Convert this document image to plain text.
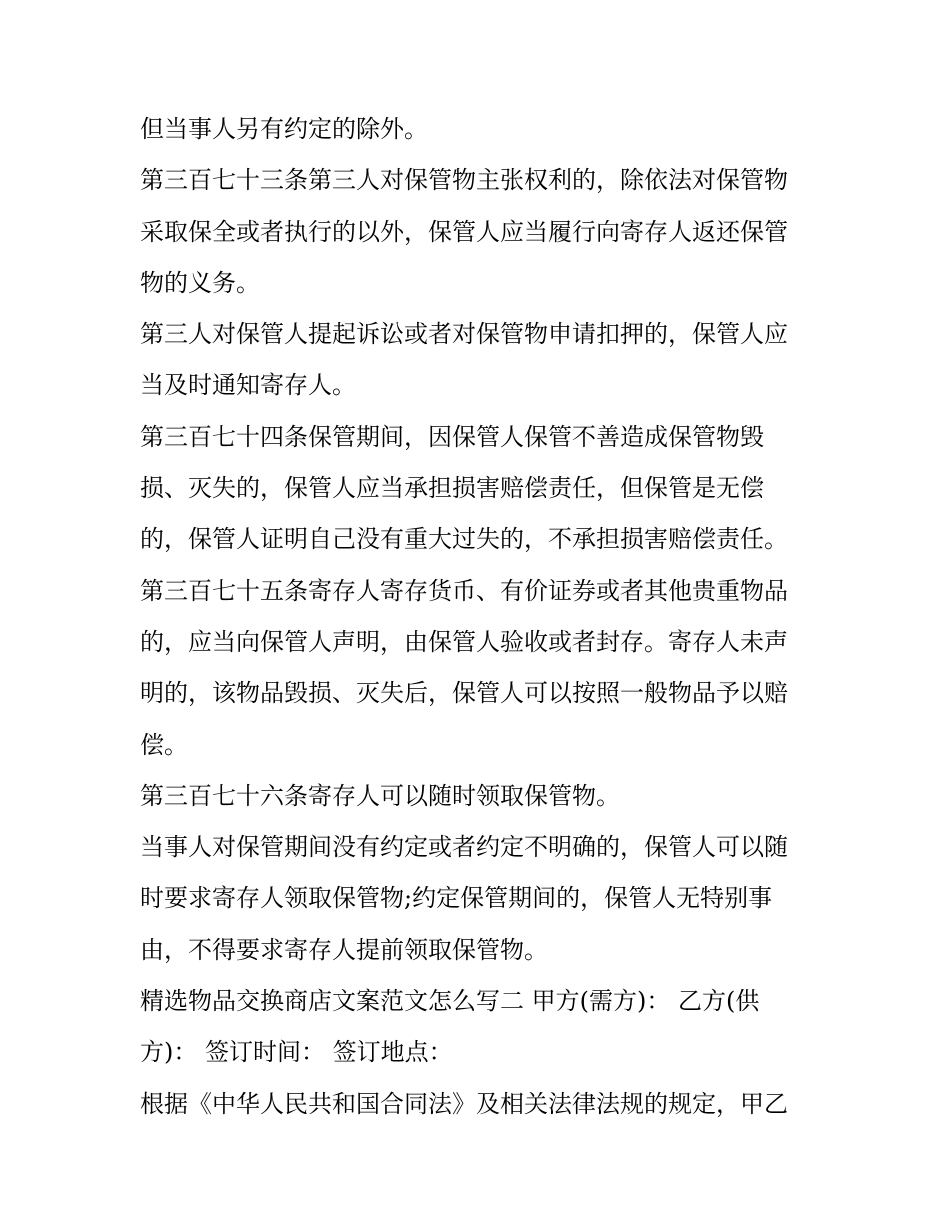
但当事人另有约定的除外。
第三百七十三条第三人对保管物主张权利的，除依法对保管物
采取保全或者执行的以外，保管人应当履行向寄存人返还保管
物的义务。
第三人对保管人提起诉讼或者对保管物申请扣押的，保管人应
当及时通知寄存人。
第三百七十四条保管期间，因保管人保管不善造成保管物毁
损、灭失的，保管人应当承担损害赔偿责任，但保管是无偿
的，保管人证明自己没有重大过失的，不承担损害赔偿责任。
第三百七十五条寄存人寄存货币、有价证券或者其他贵重物品
的，应当向保管人声明，由保管人验收或者封存。寄存人未声
明的，该物品毁损、灭失后，保管人可以按照一般物品予以赔
偿。
第三百七十六条寄存人可以随时领取保管物。
当事人对保管期间没有约定或者约定不明确的，保管人可以随
时要求寄存人领取保管物;约定保管期间的，保管人无特别事
由，不得要求寄存人提前领取保管物。
精选物品交换商店文案范文怎么写二 甲方(需方)： 乙方(供
方)： 签订时间： 签订地点：
根据《中华人民共和国合同法》及相关法律法规的规定，甲乙
